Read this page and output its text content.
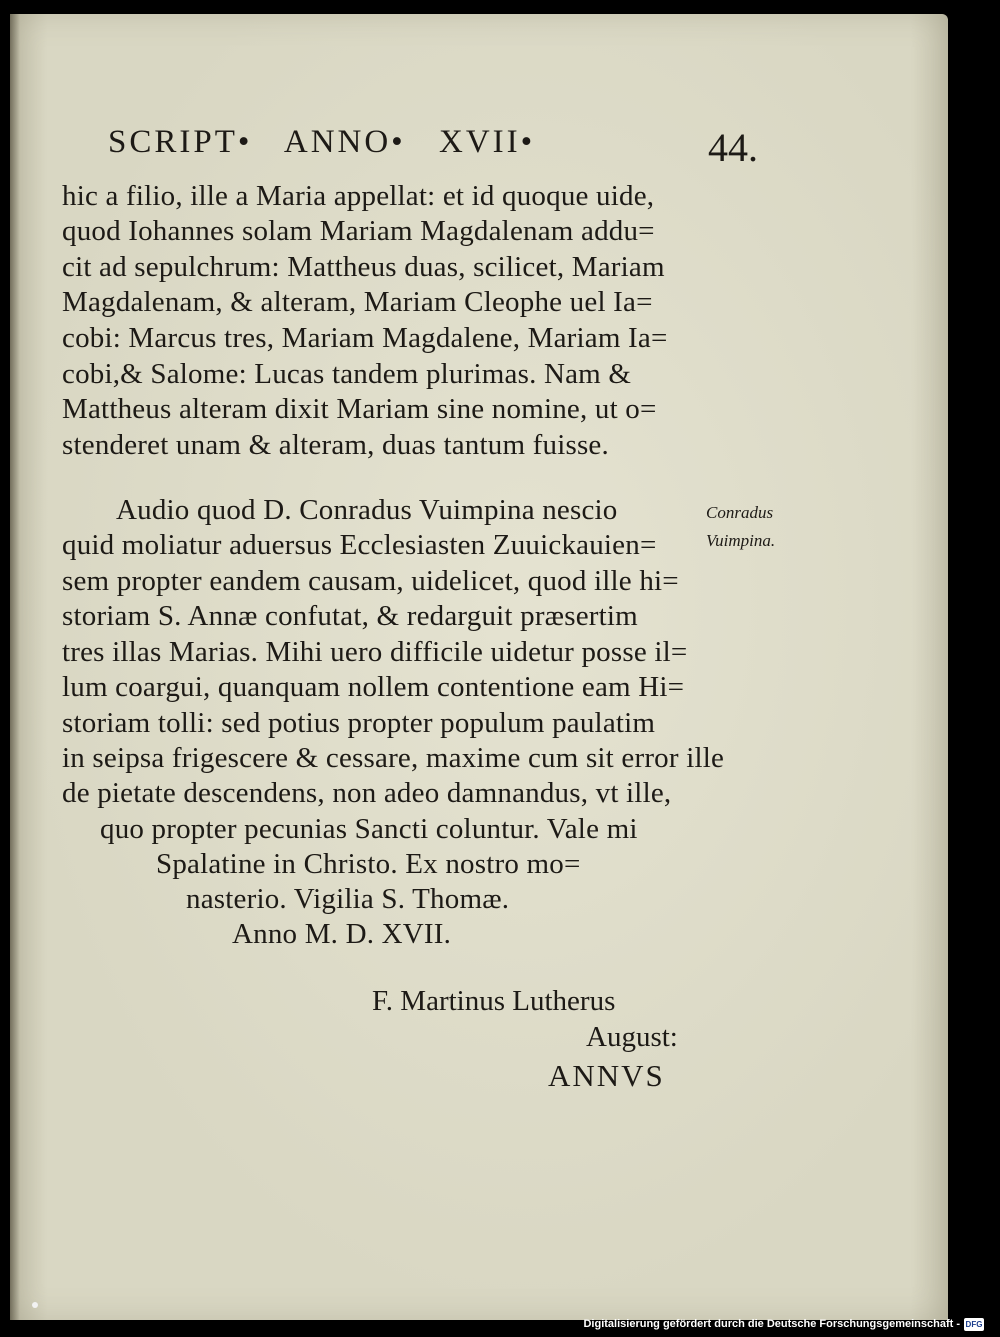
SCRIPT• ANNO• XVII•	44.
hic a filio, ille a Maria appellat: et id quoque uide,
quod Iohannes solam Mariam Magdalenam addu=
cit ad sepulchrum: Mattheus duas, scilicet, Mariam
Magdalenam, & alteram, Mariam Cleophe uel Ia=
cobi: Marcus tres, Mariam Magdalene, Mariam Ia=
cobi,& Salome: Lucas tandem plurimas. Nam &
Mattheus alteram dixit Mariam sine nomine, ut o=
stenderet unam & alteram, duas tantum fuisse.
Audio quod D. Conradus Vuimpina nescio
quid moliatur aduersus Ecclesiasten Zuuickauien=
sem propter eandem causam, uidelicet, quod ille hi=
storiam S. Annæ confutat, & redarguit præsertim
tres illas Marias. Mihi uero difficile uidetur posse il=
lum coargui, quanquam nollem contentione eam Hi=
storiam tolli: sed potius propter populum paulatim
in seipsa frigescere & cessare, maxime cum sit error ille
de pietate descendens, non adeo damnandus, vt ille,
quo propter pecunias Sancti coluntur. Vale mi
Spalatine in Christo. Ex nostro mo=
nasterio. Vigilia S. Thomæ.
Anno M. D. XVII.
Conradus
Vuimpina.
F. Martinus Lutherus
August:
ANNVS
Digitalisierung gefördert durch die Deutsche Forschungsgemeinschaft - DFG
